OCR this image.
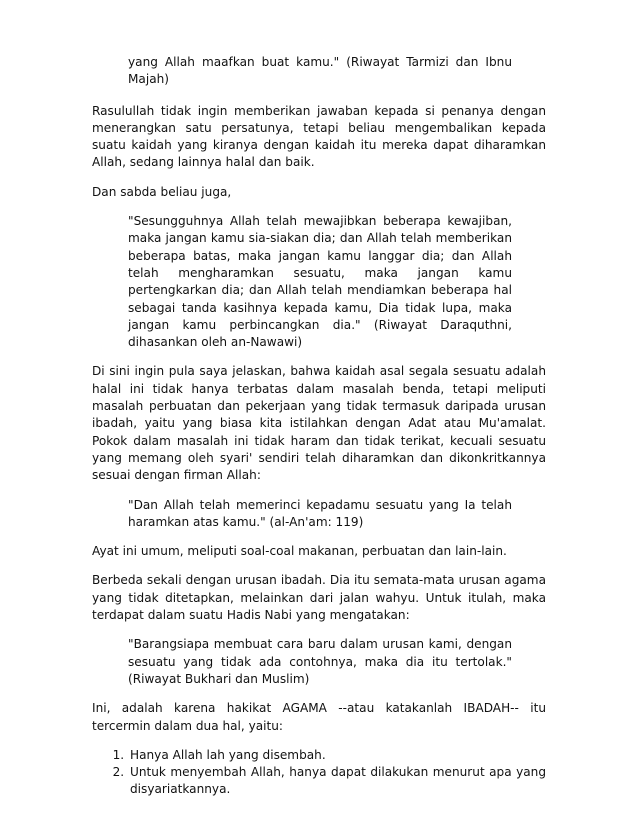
yang Allah maafkan buat kamu." (Riwayat Tarmizi dan Ibnu Majah)

Rasulullah tidak ingin memberikan jawaban kepada si penanya dengan menerangkan satu persatunya, tetapi beliau mengembalikan kepada suatu kaidah yang kiranya dengan kaidah itu mereka dapat diharamkan Allah, sedang lainnya halal dan baik.

Dan sabda beliau juga,

"Sesungguhnya Allah telah mewajibkan beberapa kewajiban, maka jangan kamu sia-siakan dia; dan Allah telah memberikan beberapa batas, maka jangan kamu langgar dia; dan Allah telah mengharamkan sesuatu, maka jangan kamu pertengkarkan dia; dan Allah telah mendiamkan beberapa hal sebagai tanda kasihnya kepada kamu, Dia tidak lupa, maka jangan kamu perbincangkan dia." (Riwayat Daraquthni, dihasankan oleh an-Nawawi)

Di sini ingin pula saya jelaskan, bahwa kaidah asal segala sesuatu adalah halal ini tidak hanya terbatas dalam masalah benda, tetapi meliputi masalah perbuatan dan pekerjaan yang tidak termasuk daripada urusan ibadah, yaitu yang biasa kita istilahkan dengan Adat atau Mu'amalat. Pokok dalam masalah ini tidak haram dan tidak terikat, kecuali sesuatu yang memang oleh syari' sendiri telah diharamkan dan dikonkritkannya sesuai dengan firman Allah:

"Dan Allah telah memerinci kepadamu sesuatu yang Ia telah haramkan atas kamu." (al-An'am: 119)

Ayat ini umum, meliputi soal-coal makanan, perbuatan dan lain-lain.

Berbeda sekali dengan urusan ibadah. Dia itu semata-mata urusan agama yang tidak ditetapkan, melainkan dari jalan wahyu. Untuk itulah, maka terdapat dalam suatu Hadis Nabi yang mengatakan:

"Barangsiapa membuat cara baru dalam urusan kami, dengan sesuatu yang tidak ada contohnya, maka dia itu tertolak." (Riwayat Bukhari dan Muslim)

Ini, adalah karena hakikat AGAMA --atau katakanlah IBADAH-- itu tercermin dalam dua hal, yaitu:

1. Hanya Allah lah yang disembah.
2. Untuk menyembah Allah, hanya dapat dilakukan menurut apa yang disyariatkannya.
